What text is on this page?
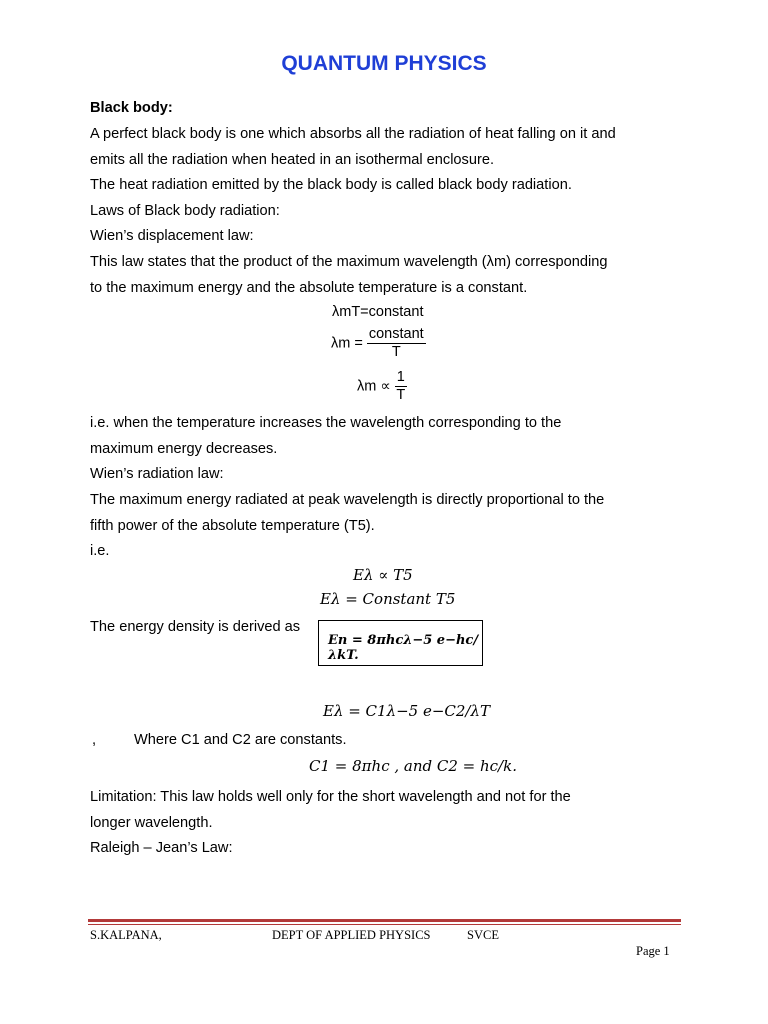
QUANTUM PHYSICS
Black body:
A perfect black body is one which absorbs all the radiation of heat falling on it and
emits all the radiation when heated in an isothermal enclosure.
The heat radiation emitted by the black body is called black body radiation.
Laws of Black body radiation:
Wien’s displacement law:
This law states that the product of the maximum wavelength (λm) corresponding
to the maximum energy and the absolute temperature is a constant.
λmT=constant
$\lambda m = \frac{\text{constant}}{T}$
$\lambda m \propto \frac{1}{T}$
i.e. when the temperature increases the wavelength corresponding to the
maximum energy decreases.
Wien’s radiation law:
The maximum energy radiated at peak wavelength is directly proportional to the
fifth power of the absolute temperature (T5).
i.e.
Eλ ∝ T5
Eλ = Constant T5
The energy density is derived as
En = 8πhcλ−5 e−hc/λkT.
Eλ = C1λ−5 e−C2/λT
,	Where C1 and C2 are constants.
C1 = 8πhc , and C2 = hc/k.
Limitation: This law holds well only for the short wavelength and not for the
longer wavelength.
Raleigh – Jean’s Law:
S.KALPANA,	DEPT OF APPLIED PHYSICS	SVCE
Page 1
